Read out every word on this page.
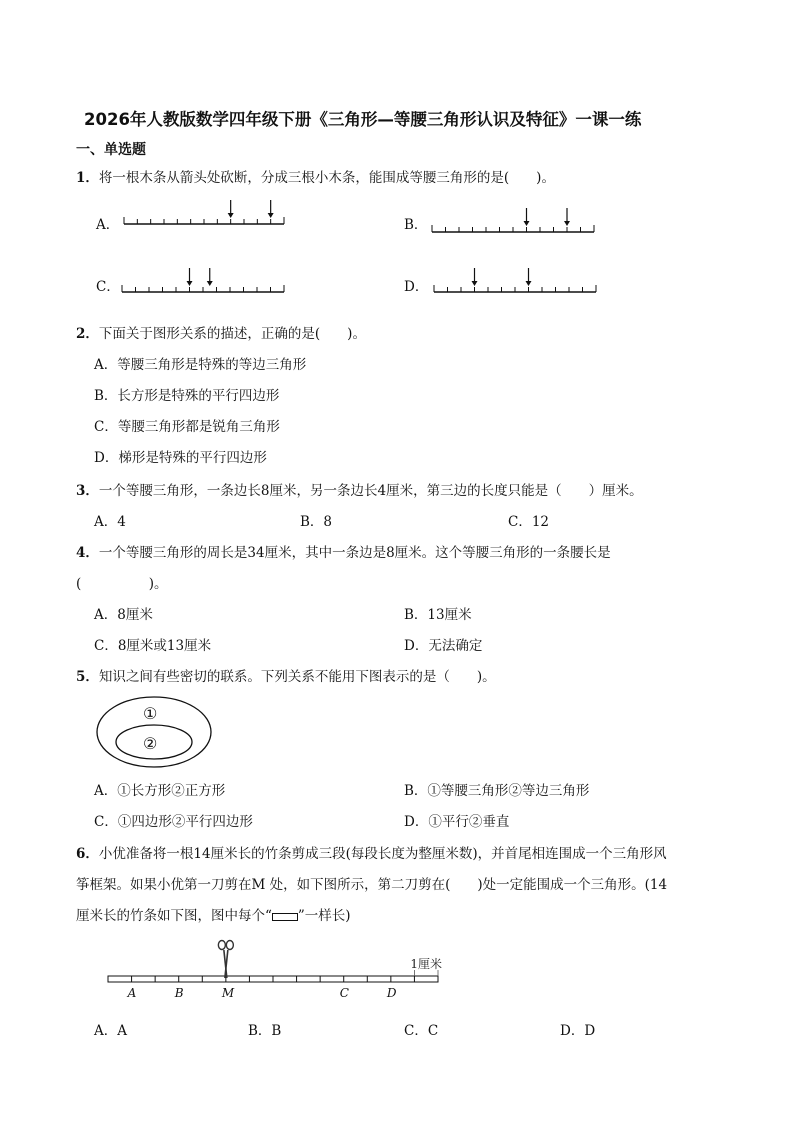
2026年人教版数学四年级下册《三角形—等腰三角形认识及特征》一课一练
一、单选题
1．将一根木条从箭头处砍断，分成三根小木条，能围成等腰三角形的是(　　)。
A．	B．
C．	D．
2．下面关于图形关系的描述，正确的是(　　)。
A．等腰三角形是特殊的等边三角形
B．长方形是特殊的平行四边形
C．等腰三角形都是锐角三角形
D．梯形是特殊的平行四边形
3．一个等腰三角形，一条边长8厘米，另一条边长4厘米，第三边的长度只能是（　　）厘米。
A．4	B．8	C．12
4．一个等腰三角形的周长是34厘米，其中一条边是8厘米。这个等腰三角形的一条腰长是
(　　　　　)。
A．8厘米	B．13厘米
C．8厘米或13厘米	D．无法确定
5．知识之间有些密切的联系。下列关系不能用下图表示的是（　　)。
①
②
A．①长方形②正方形	B．①等腰三角形②等边三角形
C．①四边形②平行四边形	D．①平行②垂直
6．小优准备将一根14厘米长的竹条剪成三段(每段长度为整厘米数)，并首尾相连围成一个三角形风
筝框架。如果小优第一刀剪在M 处，如下图所示，第二刀剪在(　　)处一定能围成一个三角形。(14
厘米长的竹条如下图，图中每个“ ”一样长)
1厘米
A	B	M	C	D
A．A	B．B	C．C	D．D
